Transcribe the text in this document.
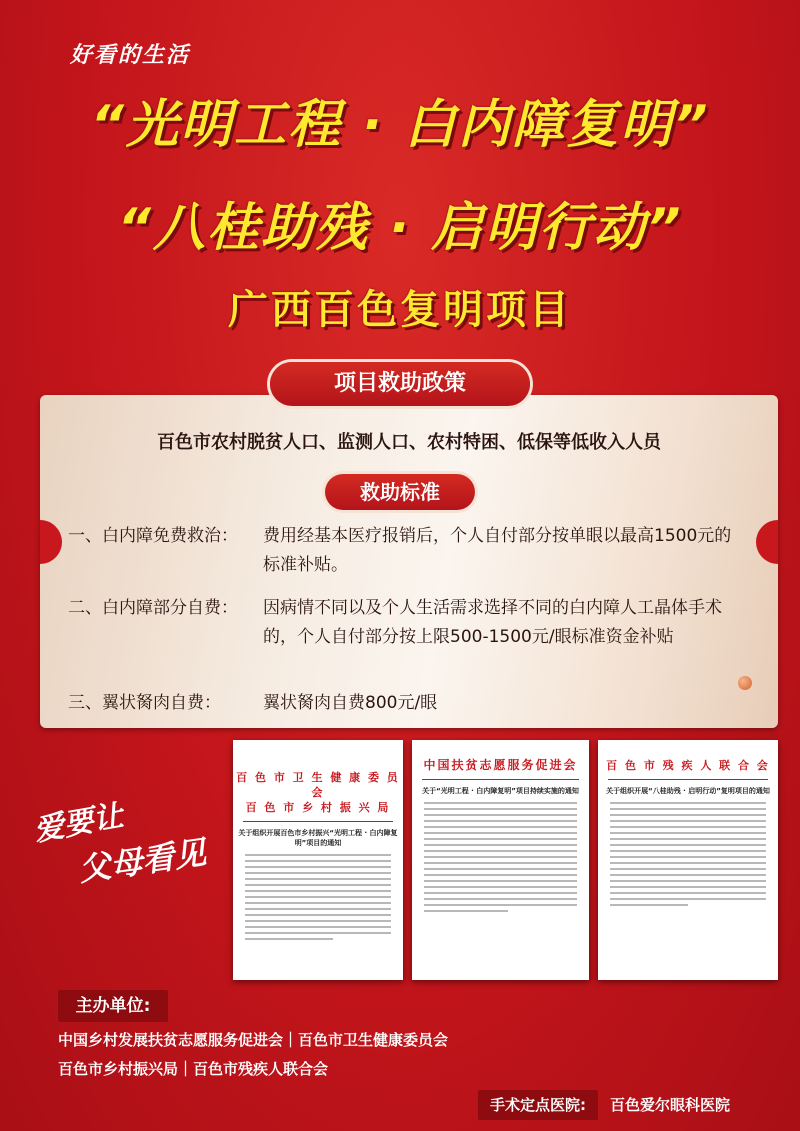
好看的生活
“光明工程 · 白内障复明”
“八桂助残 · 启明行动”
广西百色复明项目
项目救助政策
百色市农村脱贫人口、监测人口、农村特困、低保等低收入人员
救助标准
一、白内障免费救治： 费用经基本医疗报销后，个人自付部分按单眼以最高1500元的标准补贴。
二、白内障部分自费： 因病情不同以及个人生活需求选择不同的白内障人工晶体手术的，个人自付部分按上限500-1500元/眼标准资金补贴
三、翼状胬肉自费： 翼状胬肉自费800元/眼
爱要让
父母看见
百 色 市 卫 生 健 康 委 员 会
百 色 市 乡 村 振 兴 局
关于组织开展百色市乡村振兴“光明工程 · 白内障复明”项目的通知
中国扶贫志愿服务促进会
关于“光明工程 · 白内障复明”项目持续实施的通知
百 色 市 残 疾 人 联 合 会
关于组织开展“八桂助残 · 启明行动”复明项目的通知
主办单位:
中国乡村发展扶贫志愿服务促进会｜百色市卫生健康委员会
百色市乡村振兴局｜百色市残疾人联合会
手术定点医院:	百色爱尔眼科医院
